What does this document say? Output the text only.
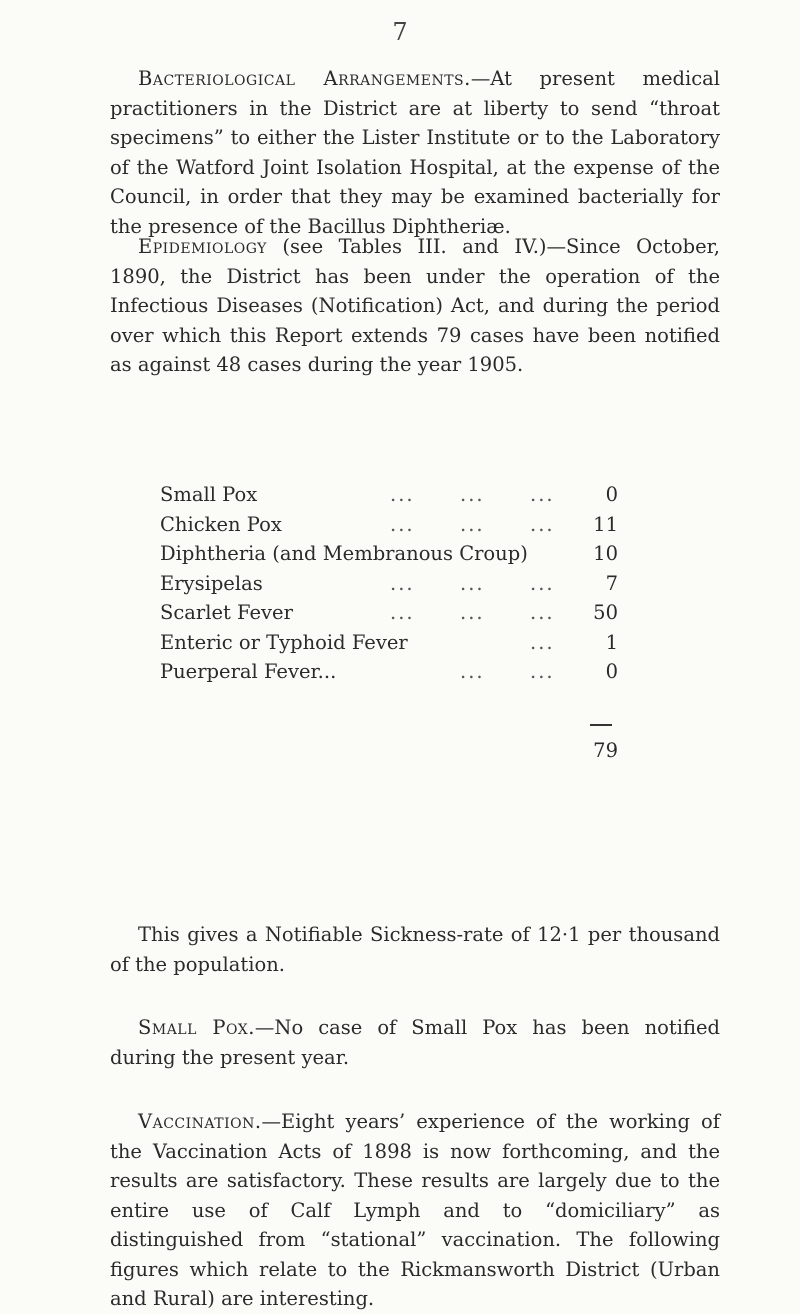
7

Bacteriological Arrangements.—At present medical practitioners in the District are at liberty to send “throat specimens” to either the Lister Institute or to the Laboratory of the Watford Joint Isolation Hospital, at the expense of the Council, in order that they may be examined bacterially for the presence of the Bacillus Diphtheriæ.

Epidemiology (see Tables III. and IV.)—Since October, 1890, the District has been under the operation of the Infectious Diseases (Notification) Act, and during the period over which this Report extends 79 cases have been notified as against 48 cases during the year 1905.

Small Pox	... ... ...	0
Chicken Pox	... ... ...	11
Diphtheria (and Membranous Croup)	10
Erysipelas	... ... ...	7
Scarlet Fever	... ... ...	50
Enteric or Typhoid Fever	...	1
Puerperal Fever...	... ...	0
79

This gives a Notifiable Sickness-rate of 12·1 per thousand of the population.

Small Pox.—No case of Small Pox has been notified during the present year.

Vaccination.—Eight years’ experience of the working of the Vaccination Acts of 1898 is now forthcoming, and the results are satisfactory. These results are largely due to the entire use of Calf Lymph and to “domiciliary” as distinguished from “stational” vaccination. The following figures which relate to the Rickmansworth District (Urban and Rural) are interesting.
